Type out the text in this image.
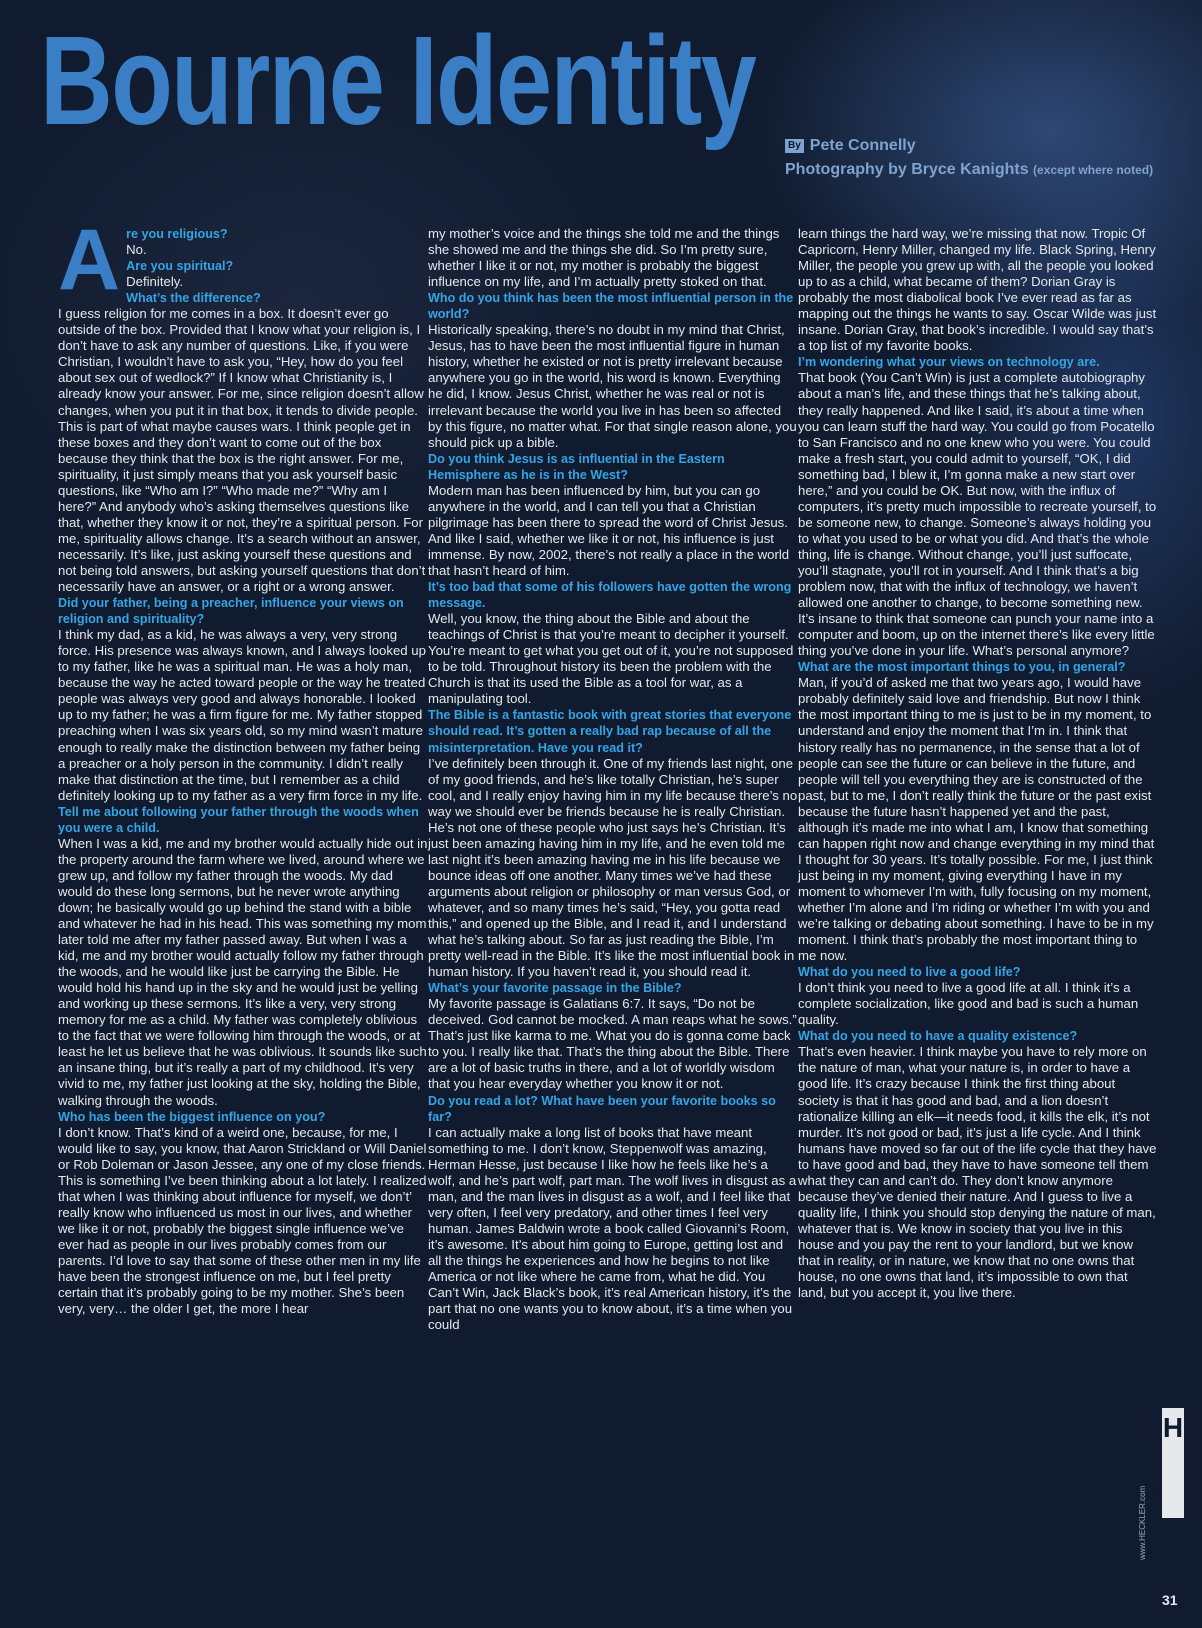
Bourne Identity	By Pete Connelly
Photography by Bryce Kanights (except where noted)
A re you religious?

No.

Are you spiritual?

Definitely.

What’s the difference?

I guess religion for me comes in a box. It doesn’t ever go outside of the box. Provided that I know what your religion is, I don’t have to ask any number of questions. Like, if you were Christian, I wouldn’t have to ask you, “Hey, how do you feel about sex out of wedlock?” If I know what Christianity is, I already know your answer. For me, since religion doesn’t allow changes, when you put it in that box, it tends to divide people. This is part of what maybe causes wars. I think people get in these boxes and they don’t want to come out of the box because they think that the box is the right answer. For me, spirituality, it just simply means that you ask yourself basic questions, like “Who am I?” “Who made me?” “Why am I here?” And anybody who’s asking themselves questions like that, whether they know it or not, they’re a spiritual person. For me, spirituality allows change. It’s a search without an answer, necessarily. It’s like, just asking yourself these questions and not being told answers, but asking yourself questions that don’t necessarily have an answer, or a right or a wrong answer.

Did your father, being a preacher, influence your views on religion and spirituality?

I think my dad, as a kid, he was always a very, very strong force. His presence was always known, and I always looked up to my father, like he was a spiritual man. He was a holy man, because the way he acted toward people or the way he treated people was always very good and always honorable. I looked up to my father; he was a firm figure for me. My father stopped preaching when I was six years old, so my mind wasn’t mature enough to really make the distinction between my father being a preacher or a holy person in the community. I didn’t really make that distinction at the time, but I remember as a child definitely looking up to my father as a very firm force in my life.

Tell me about following your father through the woods when you were a child.

When I was a kid, me and my brother would actually hide out in the property around the farm where we lived, around where we grew up, and follow my father through the woods. My dad would do these long sermons, but he never wrote anything down; he basically would go up behind the stand with a bible and whatever he had in his head. This was something my mom later told me after my father passed away. But when I was a kid, me and my brother would actually follow my father through the woods, and he would like just be carrying the Bible. He would hold his hand up in the sky and he would just be yelling and working up these sermons. It’s like a very, very strong memory for me as a child. My father was completely oblivious to the fact that we were following him through the woods, or at least he let us believe that he was oblivious. It sounds like such an insane thing, but it’s really a part of my childhood. It’s very vivid to me, my father just looking at the sky, holding the Bible, walking through the woods.

Who has been the biggest influence on you?

I don’t know. That’s kind of a weird one, because, for me, I would like to say, you know, that Aaron Strickland or Will Daniel or Rob Doleman or Jason Jessee, any one of my close friends. This is something I’ve been thinking about a lot lately. I realized that when I was thinking about influence for myself, we don’t’ really know who influenced us most in our lives, and whether we like it or not, probably the biggest single influence we’ve ever had as people in our lives probably comes from our parents. I’d love to say that some of these other men in my life have been the strongest influence on me, but I feel pretty certain that it’s probably going to be my mother. She’s been very, very… the older I get, the more I hear

my mother’s voice and the things she told me and the things she showed me and the things she did. So I’m pretty sure, whether I like it or not, my mother is probably the biggest influence on my life, and I’m actually pretty stoked on that.

Who do you think has been the most influential person in the world?

Historically speaking, there’s no doubt in my mind that Christ, Jesus, has to have been the most influential figure in human history, whether he existed or not is pretty irrelevant because anywhere you go in the world, his word is known. Everything he did, I know. Jesus Christ, whether he was real or not is irrelevant because the world you live in has been so affected by this figure, no matter what. For that single reason alone, you should pick up a bible.

Do you think Jesus is as influential in the Eastern Hemisphere as he is in the West?

Modern man has been influenced by him, but you can go anywhere in the world, and I can tell you that a Christian pilgrimage has been there to spread the word of Christ Jesus. And like I said, whether we like it or not, his influence is just immense. By now, 2002, there’s not really a place in the world that hasn’t heard of him.

It’s too bad that some of his followers have gotten the wrong message.

Well, you know, the thing about the Bible and about the teachings of Christ is that you’re meant to decipher it yourself. You’re meant to get what you get out of it, you’re not supposed to be told. Throughout history its been the problem with the Church is that its used the Bible as a tool for war, as a manipulating tool.

The Bible is a fantastic book with great stories that everyone should read. It’s gotten a really bad rap because of all the misinterpretation. Have you read it?

I’ve definitely been through it. One of my friends last night, one of my good friends, and he’s like totally Christian, he’s super cool, and I really enjoy having him in my life because there’s no way we should ever be friends because he is really Christian. He’s not one of these people who just says he’s Christian. It’s just been amazing having him in my life, and he even told me last night it’s been amazing having me in his life because we bounce ideas off one another. Many times we’ve had these arguments about religion or philosophy or man versus God, or whatever, and so many times he’s said, “Hey, you gotta read this,” and opened up the Bible, and I read it, and I understand what he’s talking about. So far as just reading the Bible, I’m pretty well-read in the Bible. It’s like the most influential book in human history. If you haven’t read it, you should read it.

What’s your favorite passage in the Bible?

My favorite passage is Galatians 6:7. It says, “Do not be deceived. God cannot be mocked. A man reaps what he sows.” That’s just like karma to me. What you do is gonna come back to you. I really like that. That’s the thing about the Bible. There are a lot of basic truths in there, and a lot of worldly wisdom that you hear everyday whether you know it or not.

Do you read a lot? What have been your favorite books so far?

I can actually make a long list of books that have meant something to me. I don’t know, Steppenwolf was amazing, Herman Hesse, just because I like how he feels like he’s a wolf, and he’s part wolf, part man. The wolf lives in disgust as a man, and the man lives in disgust as a wolf, and I feel like that very often, I feel very predatory, and other times I feel very human. James Baldwin wrote a book called Giovanni’s Room, it’s awesome. It’s about him going to Europe, getting lost and all the things he experiences and how he begins to not like America or not like where he came from, what he did. You Can’t Win, Jack Black’s book, it’s real American history, it’s the part that no one wants you to know about, it’s a time when you could

learn things the hard way, we’re missing that now. Tropic Of Capricorn, Henry Miller, changed my life. Black Spring, Henry Miller, the people you grew up with, all the people you looked up to as a child, what became of them? Dorian Gray is probably the most diabolical book I’ve ever read as far as mapping out the things he wants to say. Oscar Wilde was just insane. Dorian Gray, that book’s incredible. I would say that’s a top list of my favorite books.

I’m wondering what your views on technology are.

That book (You Can’t Win) is just a complete autobiography about a man’s life, and these things that he’s talking about, they really happened. And like I said, it’s about a time when you can learn stuff the hard way. You could go from Pocatello to San Francisco and no one knew who you were. You could make a fresh start, you could admit to yourself, “OK, I did something bad, I blew it, I’m gonna make a new start over here,” and you could be OK. But now, with the influx of computers, it’s pretty much impossible to recreate yourself, to be someone new, to change. Someone’s always holding you to what you used to be or what you did. And that’s the whole thing, life is change. Without change, you’ll just suffocate, you’ll stagnate, you’ll rot in yourself. And I think that’s a big problem now, that with the influx of technology, we haven’t allowed one another to change, to become something new. It’s insane to think that someone can punch your name into a computer and boom, up on the internet there’s like every little thing you’ve done in your life. What’s personal anymore?

What are the most important things to you, in general?

Man, if you’d of asked me that two years ago, I would have probably definitely said love and friendship. But now I think the most important thing to me is just to be in my moment, to understand and enjoy the moment that I’m in. I think that history really has no permanence, in the sense that a lot of people can see the future or can believe in the future, and people will tell you everything they are is constructed of the past, but to me, I don’t really think the future or the past exist because the future hasn’t happened yet and the past, although it’s made me into what I am, I know that something can happen right now and change everything in my mind that I thought for 30 years. It’s totally possible. For me, I just think just being in my moment, giving everything I have in my moment to whomever I’m with, fully focusing on my moment, whether I’m alone and I’m riding or whether I’m with you and we’re talking or debating about something. I have to be in my moment. I think that’s probably the most important thing to me now.

What do you need to live a good life?

I don’t think you need to live a good life at all. I think it’s a complete socialization, like good and bad is such a human quality.

What do you need to have a quality existence?

That’s even heavier. I think maybe you have to rely more on the nature of man, what your nature is, in order to have a good life. It’s crazy because I think the first thing about society is that it has good and bad, and a lion doesn’t rationalize killing an elk—it needs food, it kills the elk, it’s not murder. It’s not good or bad, it’s just a life cycle. And I think humans have moved so far out of the life cycle that they have to have good and bad, they have to have someone tell them what they can and can’t do. They don’t know anymore because they’ve denied their nature. And I guess to live a quality life, I think you should stop denying the nature of man, whatever that is. We know in society that you live in this house and you pay the rent to your landlord, but we know that in reality, or in nature, we know that no one owns that house, no one owns that land, it’s impossible to own that land, but you accept it, you live there.

H
HECKLER
www.HECKLER.com
31
